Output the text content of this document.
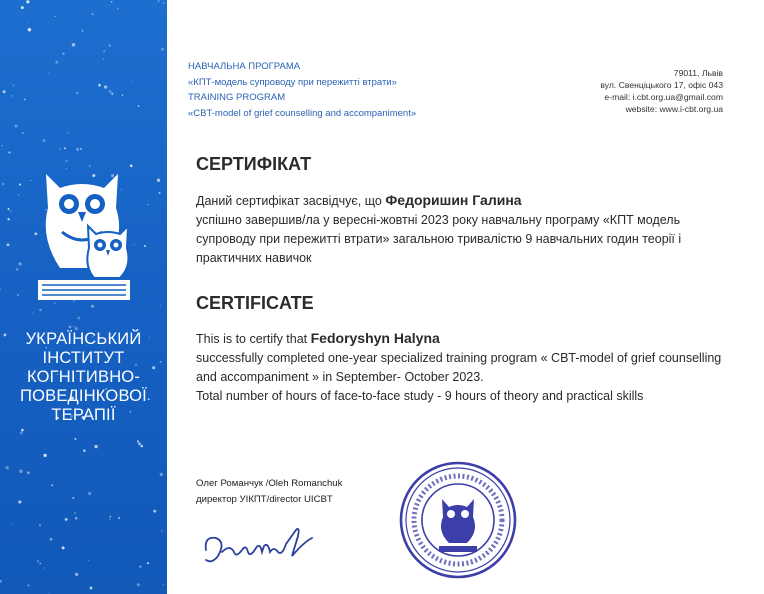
УКРАЇНСЬКИЙ
ІНСТИТУТ
КОГНІТИВНО-
ПОВЕДІНКОВОЇ
ТЕРАПІЇ
НАВЧАЛЬНА ПРОГРАМА
«КПТ-модель супроводу при пережитті втрати»
TRAINING PROGRAM
«CBT-model of grief counselling and accompaniment»
79011, Львів
вул. Свенціцького 17, офіс 043
e-mail: i.cbt.org.ua@gmail.com
website: www.i-cbt.org.ua
СЕРТИФІКАТ
Даний сертифікат засвідчує, що Федоришин Галина
успішно завершив/ла у вересні-жовтні 2023 року навчальну програму «КПТ модель супроводу при пережитті втрати» загальною тривалістю 9 навчальних годин теорії і практичних навичок
CERTIFICATE
This is to certify that Fedoryshyn Halyna
successfully completed one-year specialized training program « CBT-model of grief counselling and accompaniment » in September- October 2023.
Total number of hours of face-to-face study - 9 hours of theory and practical skills
Олег Романчук /Oleh Romanchuk
директор УІКПТ/director UICBT
